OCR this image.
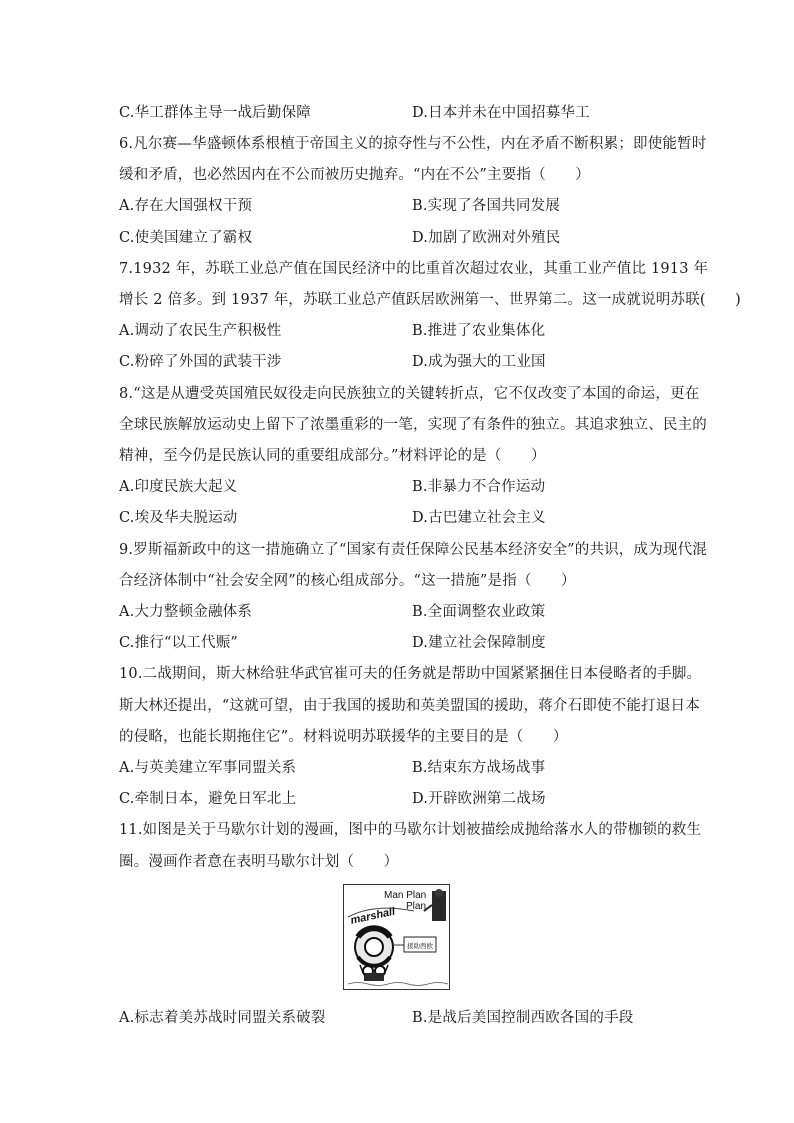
C.华工群体主导一战后勤保障	D.日本并未在中国招募华工
6.凡尔赛—华盛顿体系根植于帝国主义的掠夺性与不公性，内在矛盾不断积累；即使能暂时
缓和矛盾，也必然因内在不公而被历史抛弃。“内在不公”主要指（　　）
A.存在大国强权干预	B.实现了各国共同发展
C.使美国建立了霸权	D.加剧了欧洲对外殖民
7.1932 年，苏联工业总产值在国民经济中的比重首次超过农业，其重工业产值比 1913 年
增长 2 倍多。到 1937 年，苏联工业总产值跃居欧洲第一、世界第二。这一成就说明苏联(　　)
A.调动了农民生产积极性	B.推进了农业集体化
C.粉碎了外国的武装干涉	D.成为强大的工业国
8.“这是从遭受英国殖民奴役走向民族独立的关键转折点，它不仅改变了本国的命运，更在
全球民族解放运动史上留下了浓墨重彩的一笔，实现了有条件的独立。其追求独立、民主的
精神，至今仍是民族认同的重要组成部分。”材料评论的是（　　）
A.印度民族大起义	B.非暴力不合作运动
C.埃及华夫脱运动	D.古巴建立社会主义
9.罗斯福新政中的这一措施确立了“国家有责任保障公民基本经济安全”的共识，成为现代混
合经济体制中“社会安全网”的核心组成部分。“这一措施”是指（　　）
A.大力整顿金融体系	B.全面调整农业政策
C.推行“以工代赈”	D.建立社会保障制度
10.二战期间，斯大林给驻华武官崔可夫的任务就是帮助中国紧紧捆住日本侵略者的手脚。
斯大林还提出，“这就可望，由于我国的援助和英美盟国的援助，蒋介石即使不能打退日本
的侵略，也能长期拖住它”。材料说明苏联援华的主要目的是（　　）
A.与英美建立军事同盟关系	B.结束东方战场战事
C.牵制日本，避免日军北上	D.开辟欧洲第二战场
11.如图是关于马歇尔计划的漫画，图中的马歇尔计划被描绘成抛给落水人的带枷锁的救生
圈。漫画作者意在表明马歇尔计划（　　）
Man Plan
Plan
marshall
援助西欧
A.标志着美苏战时同盟关系破裂	B.是战后美国控制西欧各国的手段
